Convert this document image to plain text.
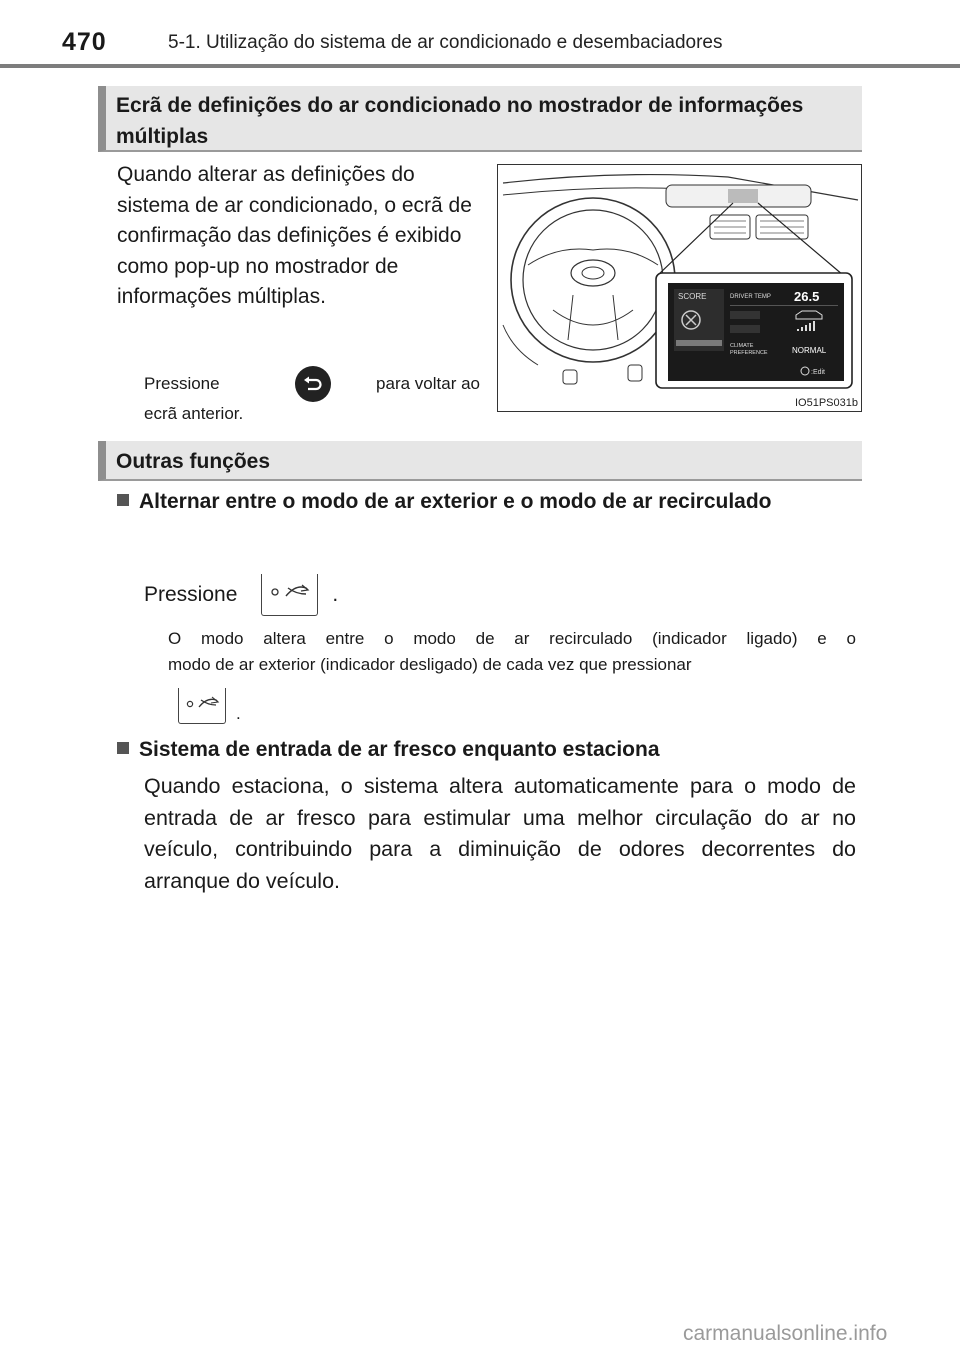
470	5-1. Utilização do sistema de ar condicionado e desembaciadores
Ecrã de definições do ar condicionado no mostrador de informações múltiplas
Quando alterar as definições do sistema de ar condicionado, o ecrã de confirmação das definições é exibido como pop-up no mostrador de informações múltiplas.
Pressione	para voltar ao
ecrã anterior.
SCORE	DRIVER TEMP 26.5
CLIMATE
PREFERENCE	NORMAL
:Edit
IO51PS031b
Outras funções
Alternar entre o modo de ar exterior e o modo de ar recirculado
Pressione	.
O modo altera entre o modo de ar recirculado (indicador ligado) e o
modo de ar exterior (indicador desligado) de cada vez que pressionar
.
Sistema de entrada de ar fresco enquanto estaciona
Quando estaciona, o sistema altera automaticamente para o modo de entrada de ar fresco para estimular uma melhor circulação do ar no veículo, contribuindo para a diminuição de odores decorrentes do arranque do veículo.
carmanualsonline.info
